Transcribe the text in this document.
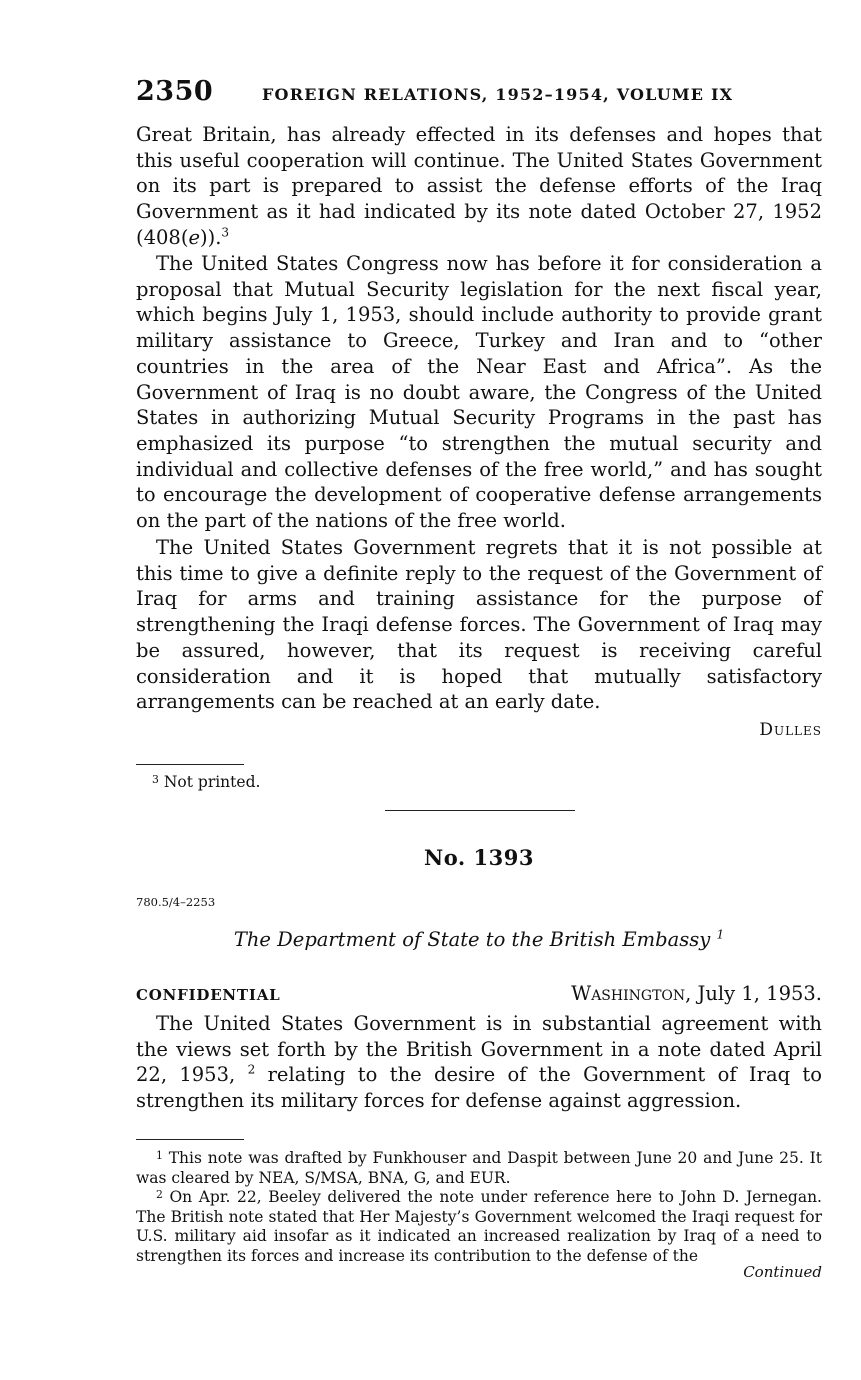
2350	FOREIGN RELATIONS, 1952–1954, VOLUME IX

Great Britain, has already effected in its defenses and hopes that this useful cooperation will continue. The United States Government on its part is prepared to assist the defense efforts of the Iraq Government as it had indicated by its note dated October 27, 1952 (408(e)).$^3$

The United States Congress now has before it for consideration a proposal that Mutual Security legislation for the next fiscal year, which begins July 1, 1953, should include authority to provide grant military assistance to Greece, Turkey and Iran and to “other countries in the area of the Near East and Africa”. As the Government of Iraq is no doubt aware, the Congress of the United States in authorizing Mutual Security Programs in the past has emphasized its purpose “to strengthen the mutual security and individual and collective defenses of the free world,” and has sought to encourage the development of cooperative defense arrangements on the part of the nations of the free world.

The United States Government regrets that it is not possible at this time to give a definite reply to the request of the Government of Iraq for arms and training assistance for the purpose of strengthening the Iraqi defense forces. The Government of Iraq may be assured, however, that its request is receiving careful consideration and it is hoped that mutually satisfactory arrangements can be reached at an early date.

Dulles
$^3$ Not printed.
No. 1393
780.5/4–2253
The Department of State to the British Embassy $^1$
CONFIDENTIAL	Washington, July 1, 1953.

The United States Government is in substantial agreement with the views set forth by the British Government in a note dated April 22, 1953, $^2$ relating to the desire of the Government of Iraq to strengthen its military forces for defense against aggression.

$^1$ This note was drafted by Funkhouser and Daspit between June 20 and June 25. It was cleared by NEA, S/MSA, BNA, G, and EUR.

$^2$ On Apr. 22, Beeley delivered the note under reference here to John D. Jernegan. The British note stated that Her Majesty’s Government welcomed the Iraqi request for U.S. military aid insofar as it indicated an increased realization by Iraq of a need to strengthen its forces and increase its contribution to the defense of the

Continued
